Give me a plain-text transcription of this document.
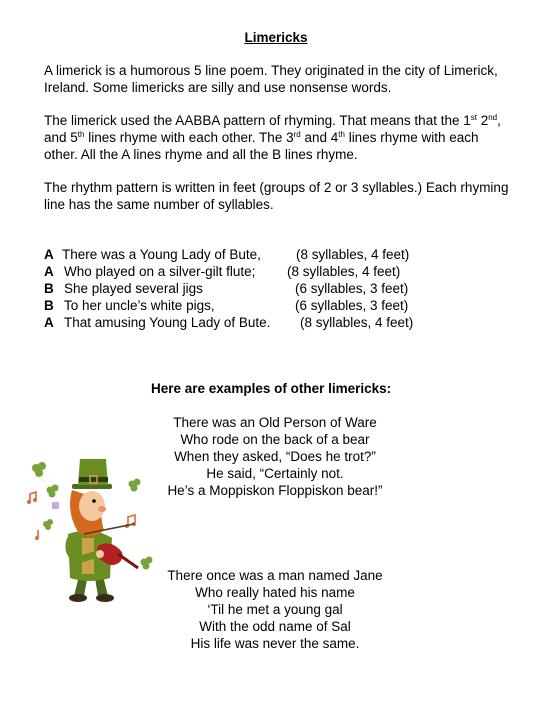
Limericks

A limerick is a humorous 5 line poem. They originated in the city of Limerick, Ireland. Some limericks are silly and use nonsense words.

The limerick used the AABBA pattern of rhyming. That means that the 1st 2nd, and 5th lines rhyme with each other. The 3rd and 4th lines rhyme with each other. All the A lines rhyme and all the B lines rhyme.

The rhythm pattern is written in feet (groups of 2 or 3 syllables.) Each rhyming line has the same number of syllables.

A There was a Young Lady of Bute,	(8 syllables, 4 feet)
A Who played on a silver-gilt flute; (8 syllables, 4 feet)
B She played several jigs	(6 syllables, 3 feet)
B To her uncle’s white pigs,	(6 syllables, 3 feet)
A That amusing Young Lady of Bute. (8 syllables, 4 feet)
Here are examples of other limericks:
There was an Old Person of Ware
Who rode on the back of a bear
When they asked, “Does he trot?”
He said, “Certainly not.
He’s a Moppiskon Floppiskon bear!”
There once was a man named Jane
Who really hated his name
‘Til he met a young gal
With the odd name of Sal
His life was never the same.
